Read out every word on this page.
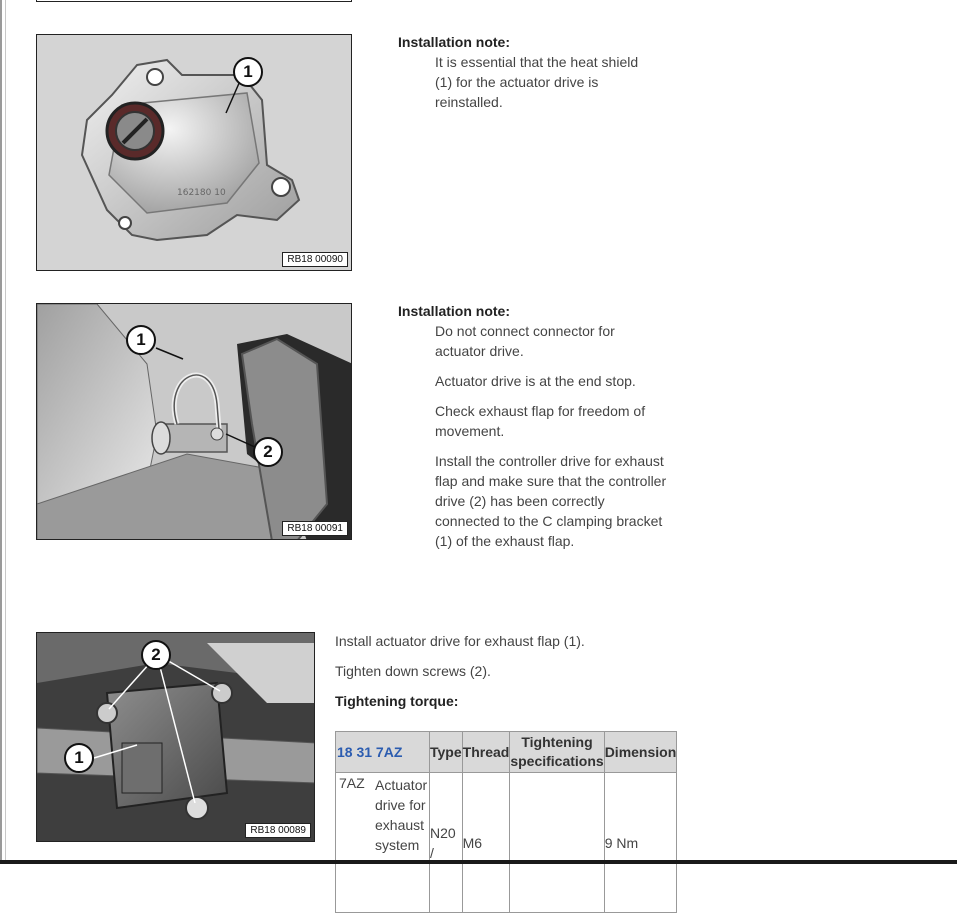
162180 10
1
RB18 00090
Installation note:
It is essential that the heat shield (1) for the actuator drive is reinstalled.
1
2
RB18 00091
Installation note:
Do not connect connector for actuator drive.
Actuator drive is at the end stop.
Check exhaust flap for freedom of movement.
Install the controller drive for exhaust flap and make sure that the controller drive (2) has been correctly connected to the C clamping bracket (1) of the exhaust flap.
2
1
RB18 00089
Install actuator drive for exhaust flap (1).
Tighten down screws (2).
Tightening torque:
18 31 7AZ	Type	Thread	Tightening specifications	Dimension

7AZ Actuator drive for exhaust system	N20 /	M6		9 Nm
